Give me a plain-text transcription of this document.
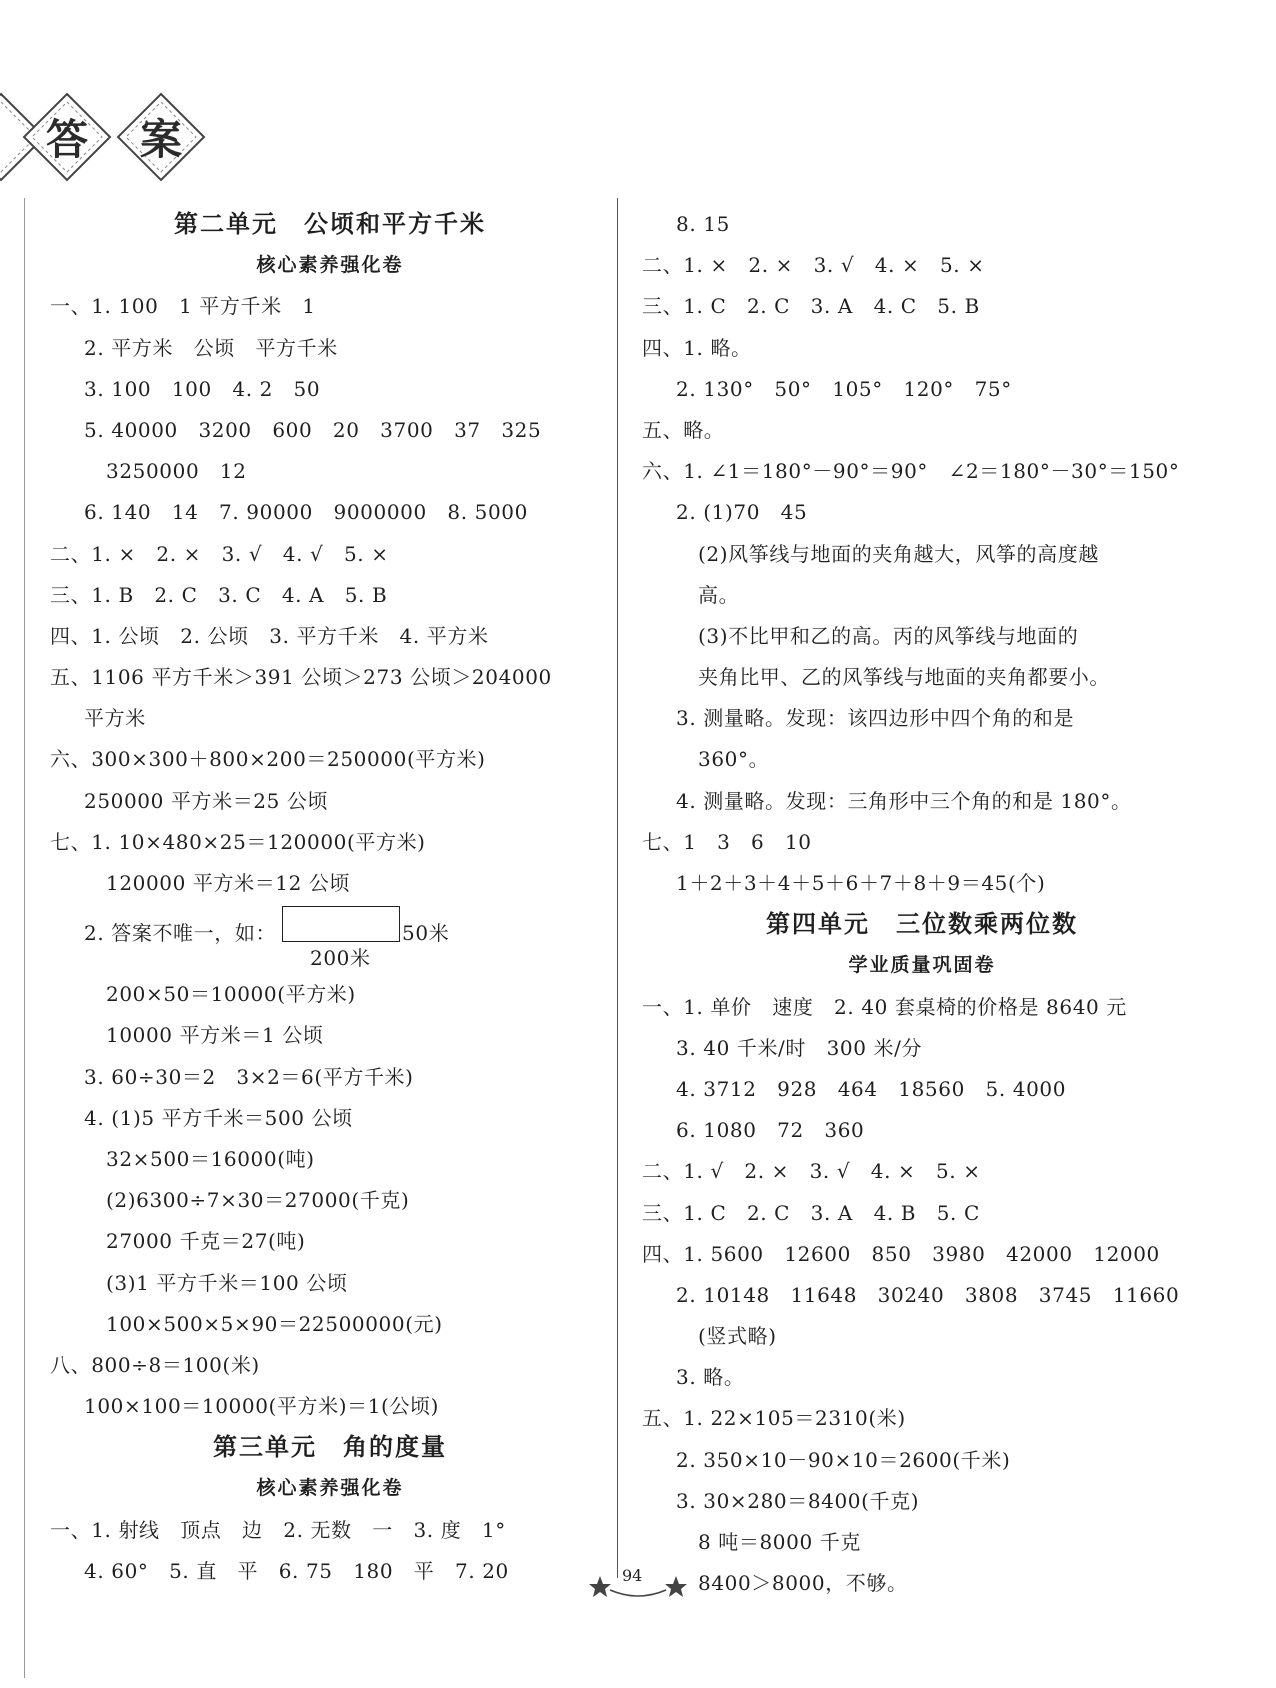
答 案
第二单元　公顷和平方千米
核心素养强化卷
一、1. 100　1 平方千米　1
2. 平方米　公顷　平方千米
3. 100　100　4. 2　50
5. 40000　3200　600　20　3700　37　325
3250000　12
6. 140　14　7. 90000　9000000　8. 5000
二、1. ×　2. ×　3. √　4. √　5. ×
三、1. B　2. C　3. C　4. A　5. B
四、1. 公顷　2. 公顷　3. 平方千米　4. 平方米
五、1106 平方千米＞391 公顷＞273 公顷＞204000
平方米
六、300×300＋800×200＝250000(平方米)
250000 平方米＝25 公顷
七、1. 10×480×25＝120000(平方米)
120000 平方米＝12 公顷
2. 答案不唯一，如：	50米
200米
200×50＝10000(平方米)
10000 平方米＝1 公顷
3. 60÷30＝2　3×2＝6(平方千米)
4. (1)5 平方千米＝500 公顷
32×500＝16000(吨)
(2)6300÷7×30＝27000(千克)
27000 千克＝27(吨)
(3)1 平方千米＝100 公顷
100×500×5×90＝22500000(元)
八、800÷8＝100(米)
100×100＝10000(平方米)＝1(公顷)
第三单元　角的度量
核心素养强化卷
一、1. 射线　顶点　边　2. 无数　一　3. 度　1°
4. 60°　5. 直　平　6. 75　180　平　7. 20
8. 15
二、1. ×　2. ×　3. √　4. ×　5. ×
三、1. C　2. C　3. A　4. C　5. B
四、1. 略。
2. 130°　50°　105°　120°　75°
五、略。
六、1. ∠1＝180°－90°＝90°　∠2＝180°－30°＝150°
2. (1)70　45
(2)风筝线与地面的夹角越大，风筝的高度越
高。
(3)不比甲和乙的高。丙的风筝线与地面的
夹角比甲、乙的风筝线与地面的夹角都要小。
3. 测量略。发现：该四边形中四个角的和是
360°。
4. 测量略。发现：三角形中三个角的和是 180°。
七、1　3　6　10
1＋2＋3＋4＋5＋6＋7＋8＋9＝45(个)
第四单元　三位数乘两位数
学业质量巩固卷
一、1. 单价　速度　2. 40 套桌椅的价格是 8640 元
3. 40 千米/时　300 米/分
4. 3712　928　464　18560　5. 4000
6. 1080　72　360
二、1. √　2. ×　3. √　4. ×　5. ×
三、1. C　2. C　3. A　4. B　5. C
四、1. 5600　12600　850　3980　42000　12000
2. 10148　11648　30240　3808　3745　11660
(竖式略)
3. 略。
五、1. 22×105＝2310(米)
2. 350×10－90×10＝2600(千米)
3. 30×280＝8400(千克)
8 吨＝8000 千克
8400＞8000，不够。
94
